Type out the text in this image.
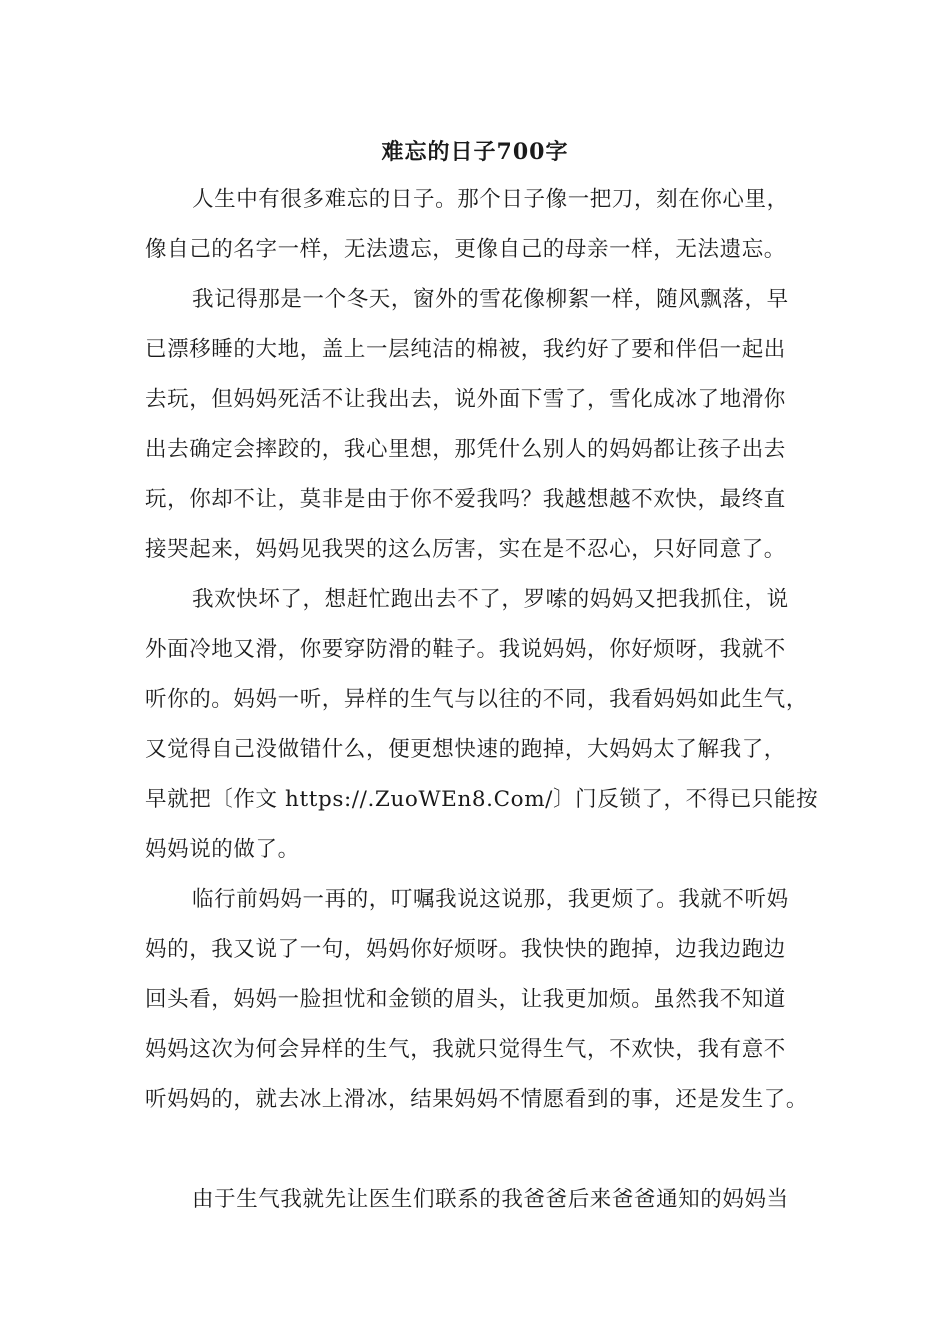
难忘的日子700字
人生中有很多难忘的日子。那个日子像一把刀，刻在你心里，
像自己的名字一样，无法遗忘，更像自己的母亲一样，无法遗忘。
我记得那是一个冬天，窗外的雪花像柳絮一样，随风飘落，早
已漂移睡的大地，盖上一层纯洁的棉被，我约好了要和伴侣一起出
去玩，但妈妈死活不让我出去，说外面下雪了，雪化成冰了地滑你
出去确定会摔跤的，我心里想，那凭什么别人的妈妈都让孩子出去
玩，你却不让，莫非是由于你不爱我吗？我越想越不欢快，最终直
接哭起来，妈妈见我哭的这么厉害，实在是不忍心，只好同意了。
我欢快坏了，想赶忙跑出去不了，罗嗦的妈妈又把我抓住，说
外面冷地又滑，你要穿防滑的鞋子。我说妈妈，你好烦呀，我就不
听你的。妈妈一听，异样的生气与以往的不同，我看妈妈如此生气，
又觉得自己没做错什么，便更想快速的跑掉，大妈妈太了解我了，
早就把〔作文 https://.ZuoWEn8.Com/〕门反锁了，不得已只能按
妈妈说的做了。
临行前妈妈一再的，叮嘱我说这说那，我更烦了。我就不听妈
妈的，我又说了一句，妈妈你好烦呀。我快快的跑掉，边我边跑边
回头看，妈妈一脸担忧和金锁的眉头，让我更加烦。虽然我不知道
妈妈这次为何会异样的生气，我就只觉得生气，不欢快，我有意不
听妈妈的，就去冰上滑冰，结果妈妈不情愿看到的事，还是发生了。
由于生气我就先让医生们联系的我爸爸后来爸爸通知的妈妈当
